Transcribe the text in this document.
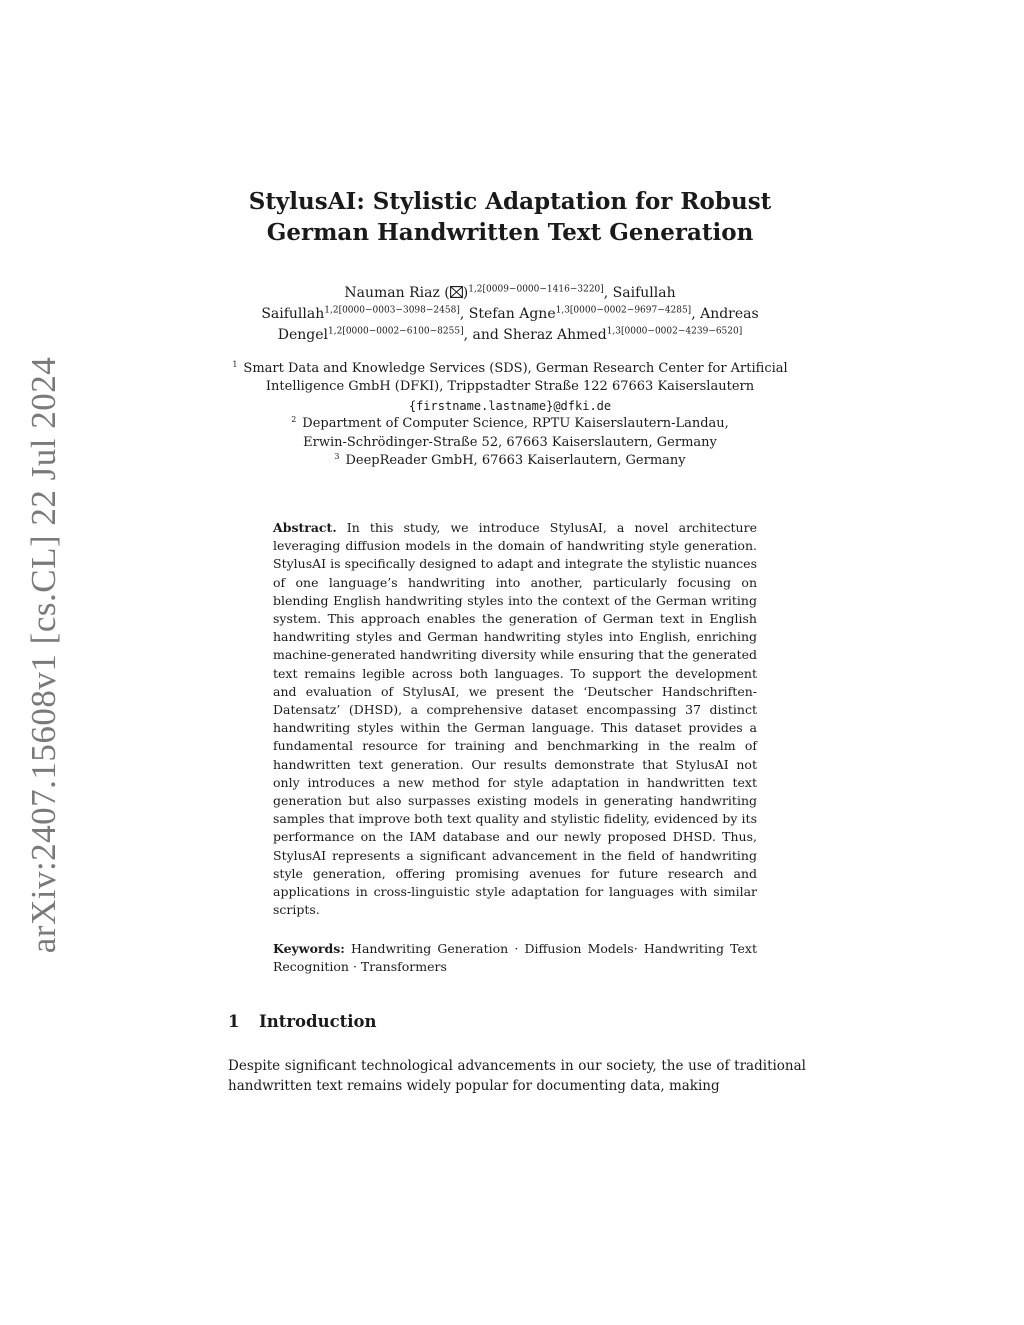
arXiv:2407.15608v1 [cs.CL] 22 Jul 2024
StylusAI: Stylistic Adaptation for Robust
German Handwritten Text Generation
Nauman Riaz ( )$^{1,2[0009-0000-1416-3220]}$, Saifullah
Saifullah$^{1,2[0000-0003-3098-2458]}$, Stefan Agne$^{1,3[0000-0002-9697-4285]}$, Andreas
Dengel$^{1,2[0000-0002-6100-8255]}$, and Sheraz Ahmed$^{1,3[0000-0002-4239-6520]}$
$^1$ Smart Data and Knowledge Services (SDS), German Research Center for Artificial
Intelligence GmbH (DFKI), Trippstadter Straße 122 67663 Kaiserslautern
{firstname.lastname}@dfki.de
$^2$ Department of Computer Science, RPTU Kaiserslautern-Landau,
Erwin-Schrödinger-Straße 52, 67663 Kaiserslautern, Germany
$^3$ DeepReader GmbH, 67663 Kaiserlautern, Germany
Abstract. In this study, we introduce StylusAI, a novel architecture leveraging diffusion models in the domain of handwriting style generation. StylusAI is specifically designed to adapt and integrate the stylistic nuances of one language’s handwriting into another, particularly focusing on blending English handwriting styles into the context of the German writing system. This approach enables the generation of German text in English handwriting styles and German handwriting styles into English, enriching machine-generated handwriting diversity while ensuring that the generated text remains legible across both languages. To support the development and evaluation of StylusAI, we present the ‘Deutscher Handschriften-Datensatz’ (DHSD), a comprehensive dataset encompassing 37 distinct handwriting styles within the German language. This dataset provides a fundamental resource for training and benchmarking in the realm of handwritten text generation. Our results demonstrate that StylusAI not only introduces a new method for style adaptation in handwritten text generation but also surpasses existing models in generating handwriting samples that improve both text quality and stylistic fidelity, evidenced by its performance on the IAM database and our newly proposed DHSD. Thus, StylusAI represents a significant advancement in the field of handwriting style generation, offering promising avenues for future research and applications in cross-linguistic style adaptation for languages with similar scripts.
Keywords: Handwriting Generation · Diffusion Models· Handwriting Text Recognition · Transformers
1 Introduction
Despite significant technological advancements in our society, the use of traditional handwritten text remains widely popular for documenting data, making
